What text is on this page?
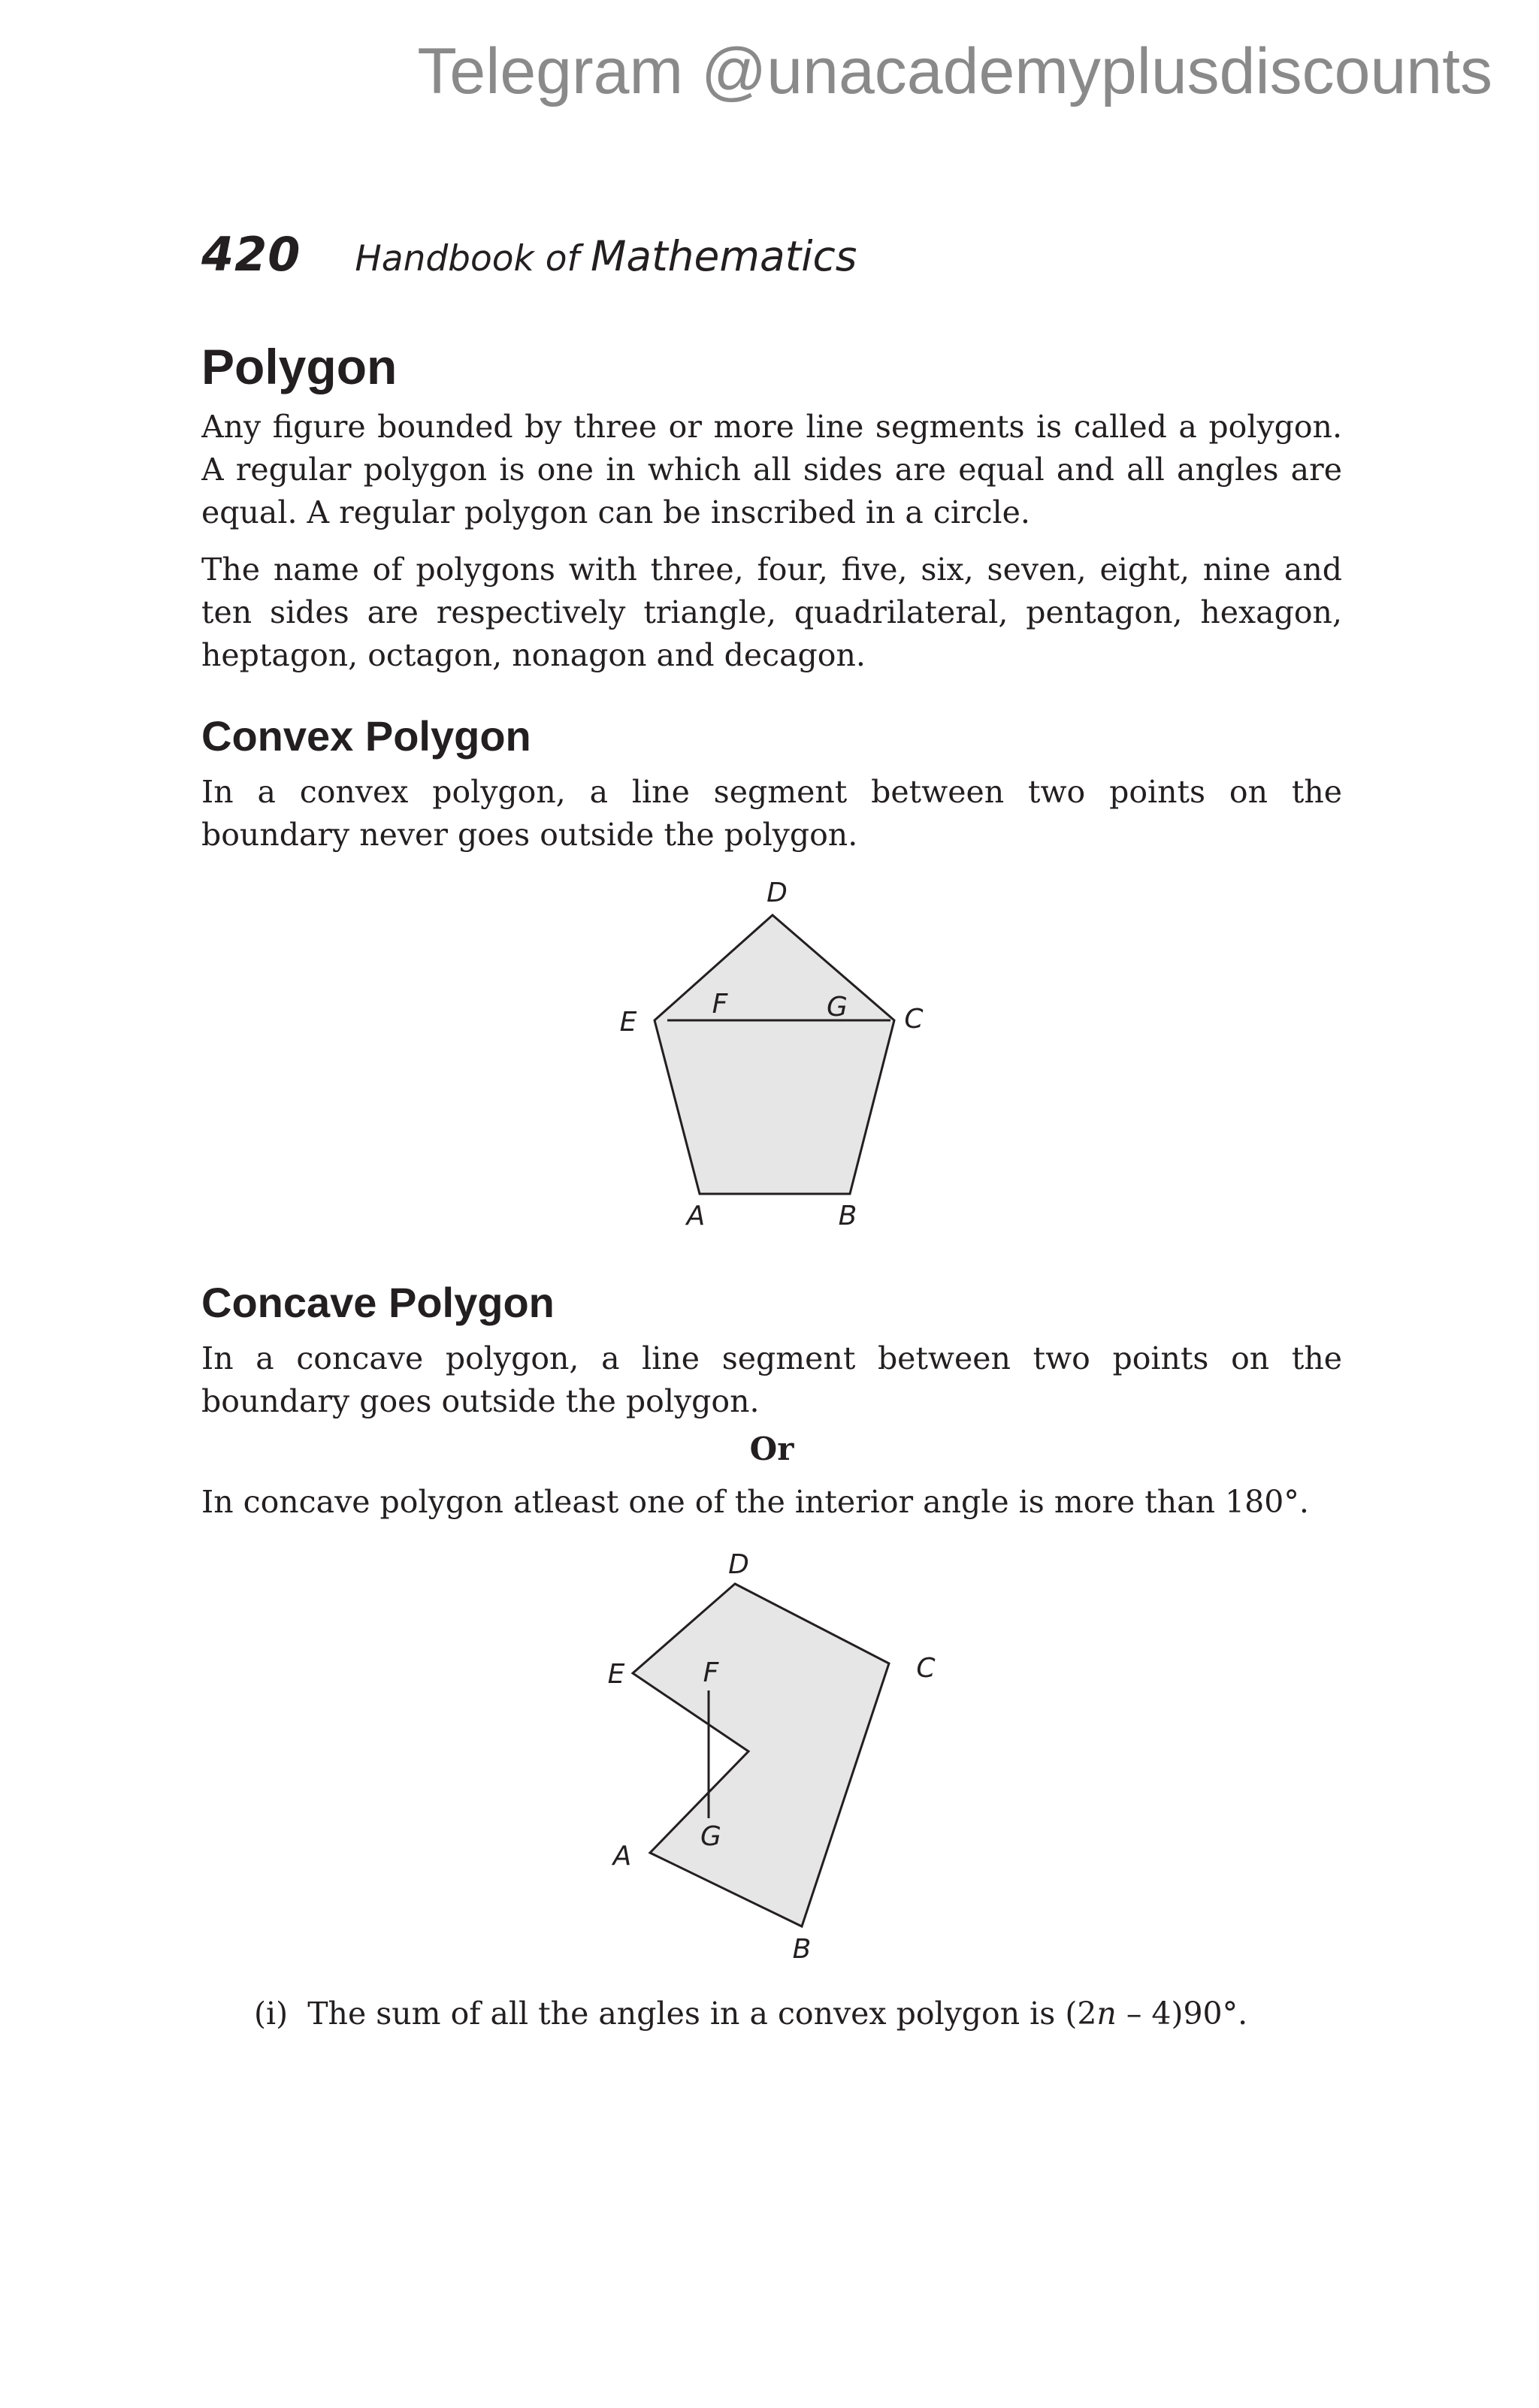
Telegram @unacademyplusdiscounts
420 Handbook of Mathematics
Polygon

Any figure bounded by three or more line segments is called a polygon.
A regular polygon is one in which all sides are equal and all angles are
equal. A regular polygon can be inscribed in a circle.

The name of polygons with three, four, five, six, seven, eight, nine and
ten sides are respectively triangle, quadrilateral, pentagon, hexagon,
heptagon, octagon, nonagon and decagon.

Convex Polygon

In a convex polygon, a line segment between two points on the
boundary never goes outside the polygon.

D
C
E
F	G
A	B
Concave Polygon

In a concave polygon, a line segment between two points on the
boundary goes outside the polygon.

Or

In concave polygon atleast one of the interior angle is more than 180°.

D
C
E	F
G
A
B

(i) The sum of all the angles in a convex polygon is (2n – 4)90°.
